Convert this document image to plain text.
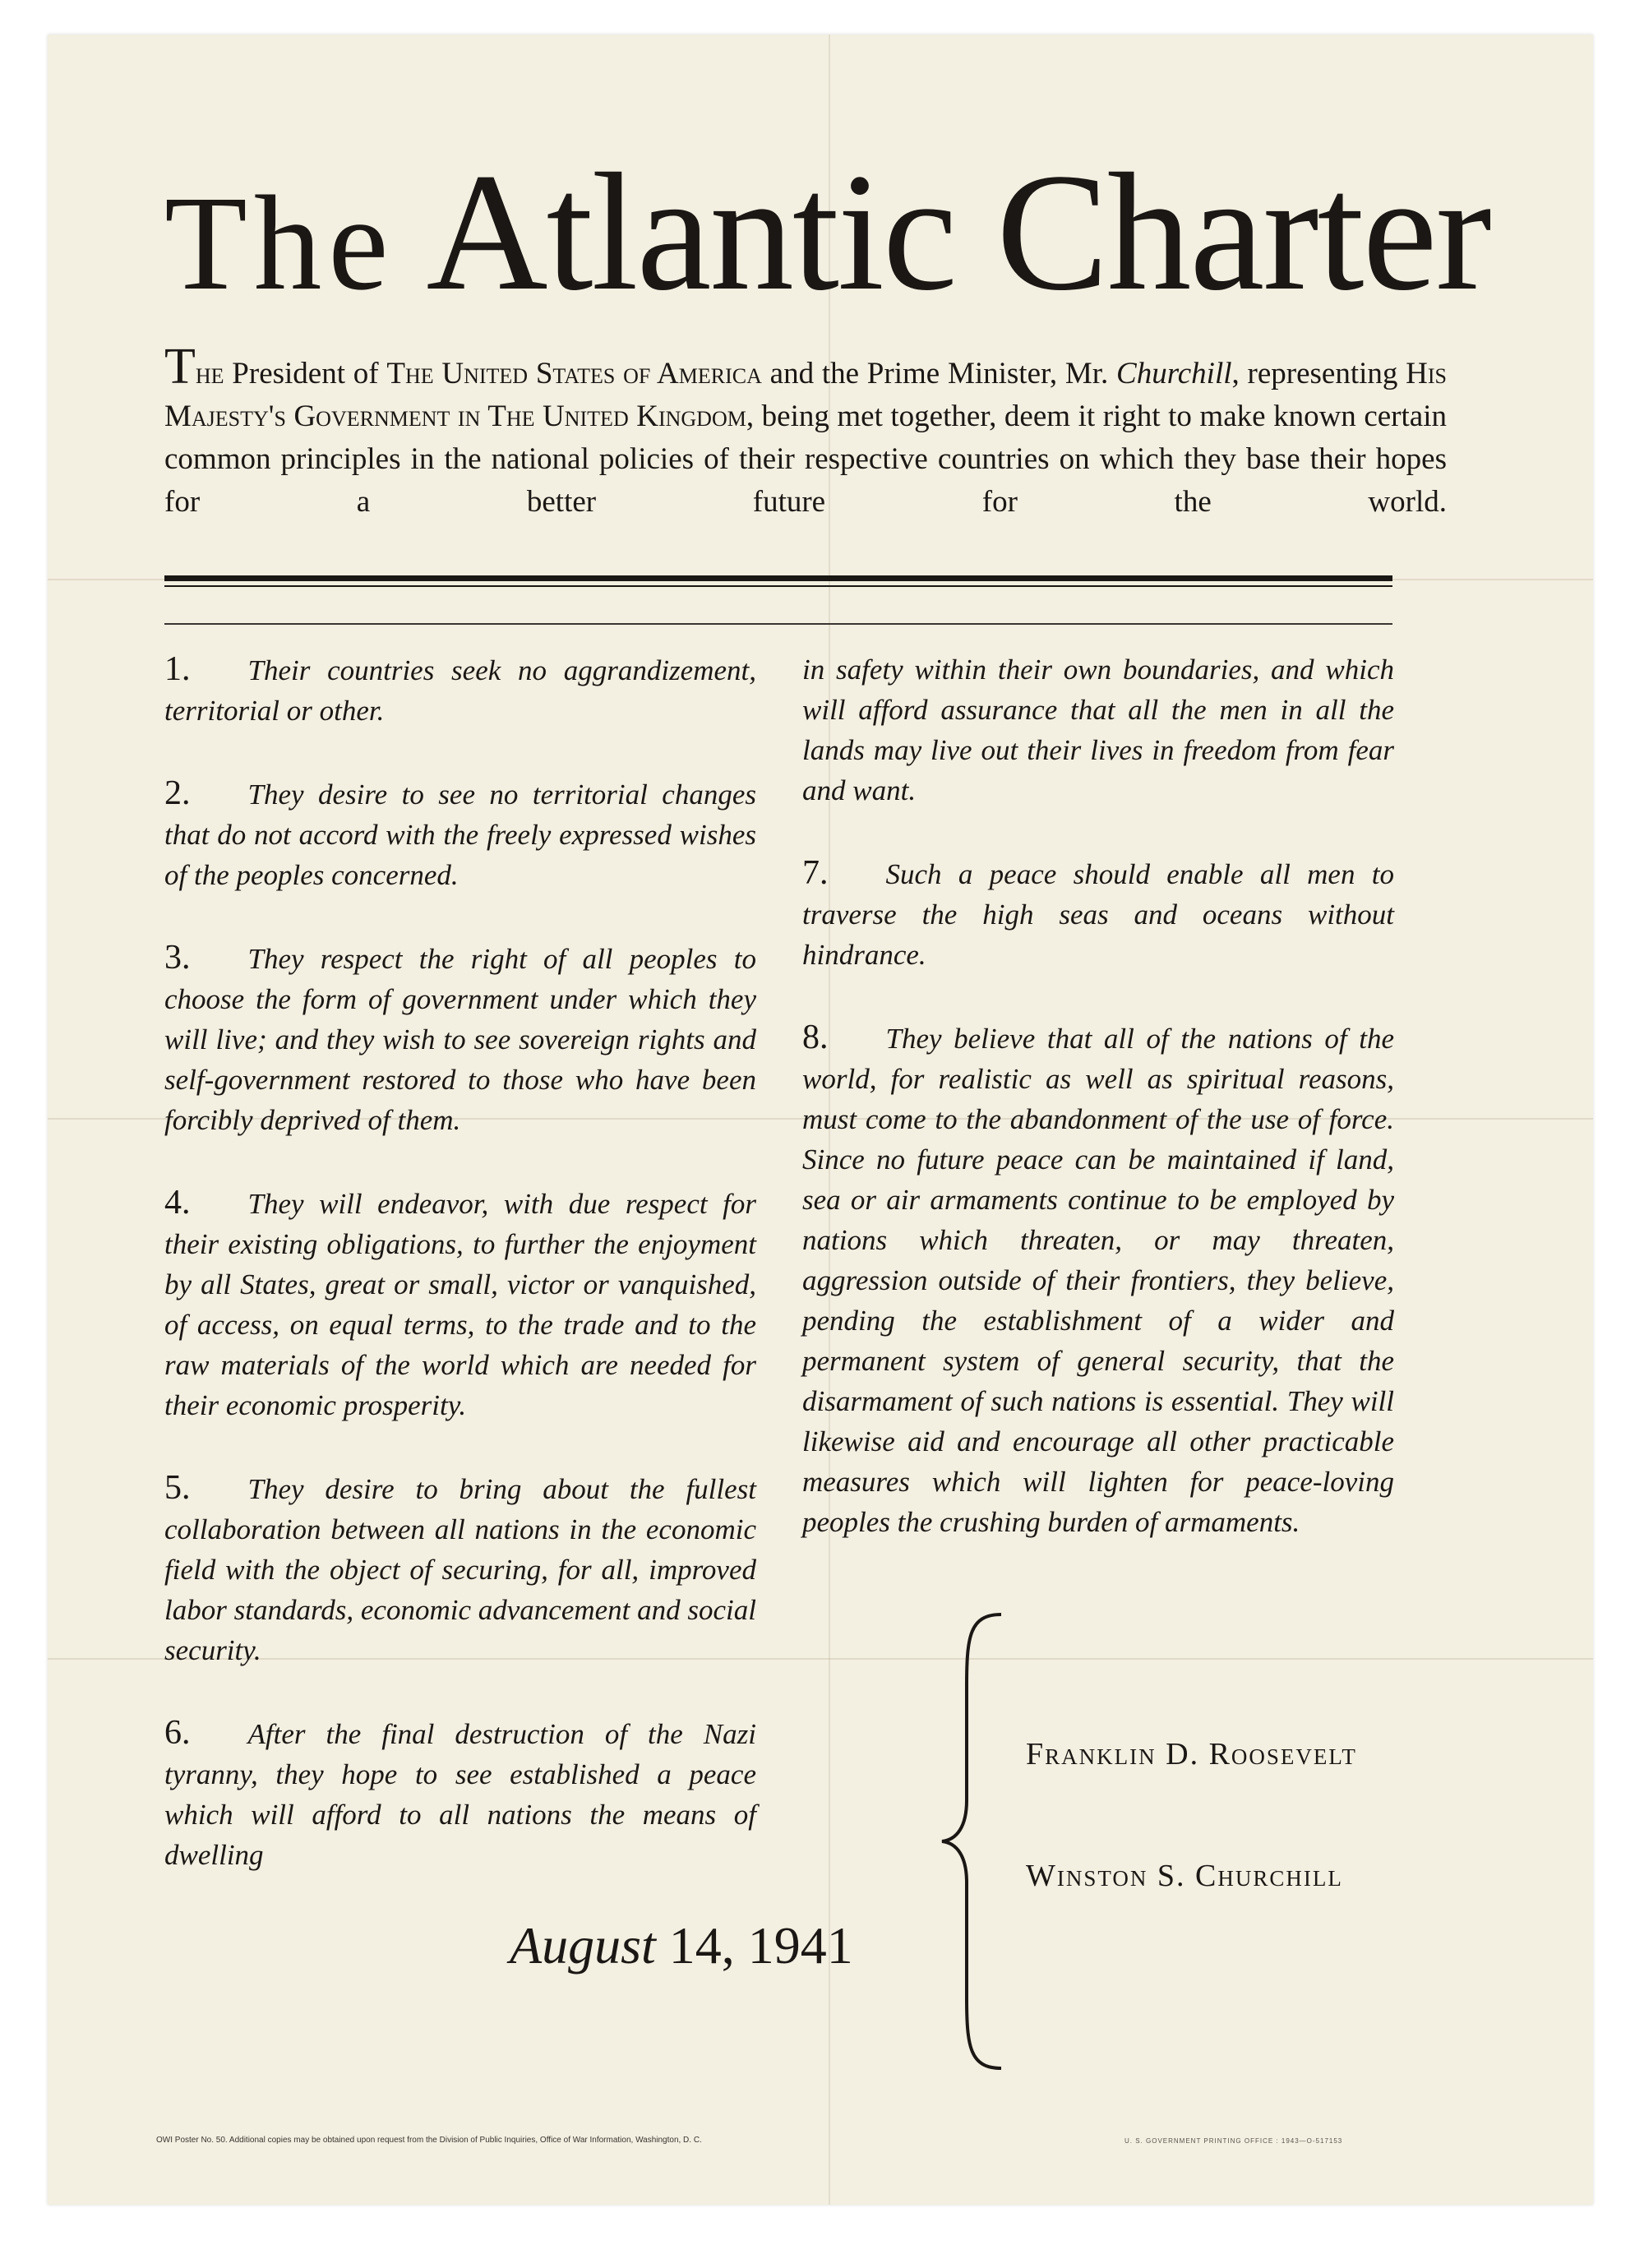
The Atlantic Charter
The President of The United States of America and the Prime Minister, Mr. Churchill, representing His Majesty's Government in The United Kingdom, being met together, deem it right to make known certain common principles in the national policies of their respective countries on which they base their hopes for a better future for the world.

1. Their countries seek no aggrandizement, territorial or other.

2. They desire to see no territorial changes that do not accord with the freely expressed wishes of the peoples concerned.

3. They respect the right of all peoples to choose the form of government under which they will live; and they wish to see sovereign rights and self-government restored to those who have been forcibly deprived of them.

4. They will endeavor, with due respect for their existing obligations, to further the enjoyment by all States, great or small, victor or vanquished, of access, on equal terms, to the trade and to the raw materials of the world which are needed for their economic prosperity.

5. They desire to bring about the fullest collaboration between all nations in the economic field with the object of securing, for all, improved labor standards, economic advancement and social security.

6. After the final destruction of the Nazi tyranny, they hope to see established a peace which will afford to all nations the means of dwelling

in safety within their own boundaries, and which will afford assurance that all the men in all the lands may live out their lives in freedom from fear and want.

7. Such a peace should enable all men to traverse the high seas and oceans without hindrance.

8. They believe that all of the nations of the world, for realistic as well as spiritual reasons, must come to the abandonment of the use of force. Since no future peace can be maintained if land, sea or air armaments continue to be employed by nations which threaten, or may threaten, aggression outside of their frontiers, they believe, pending the establishment of a wider and permanent system of general security, that the disarmament of such nations is essential. They will likewise aid and encourage all other practicable measures which will lighten for peace-loving peoples the crushing burden of armaments.

August 14, 1941
Franklin D. Roosevelt
Winston S. Churchill
OWI Poster No. 50. Additional copies may be obtained upon request from the Division of Public Inquiries, Office of War Information, Washington, D. C.	U. S. GOVERNMENT PRINTING OFFICE : 1943—O-517153
